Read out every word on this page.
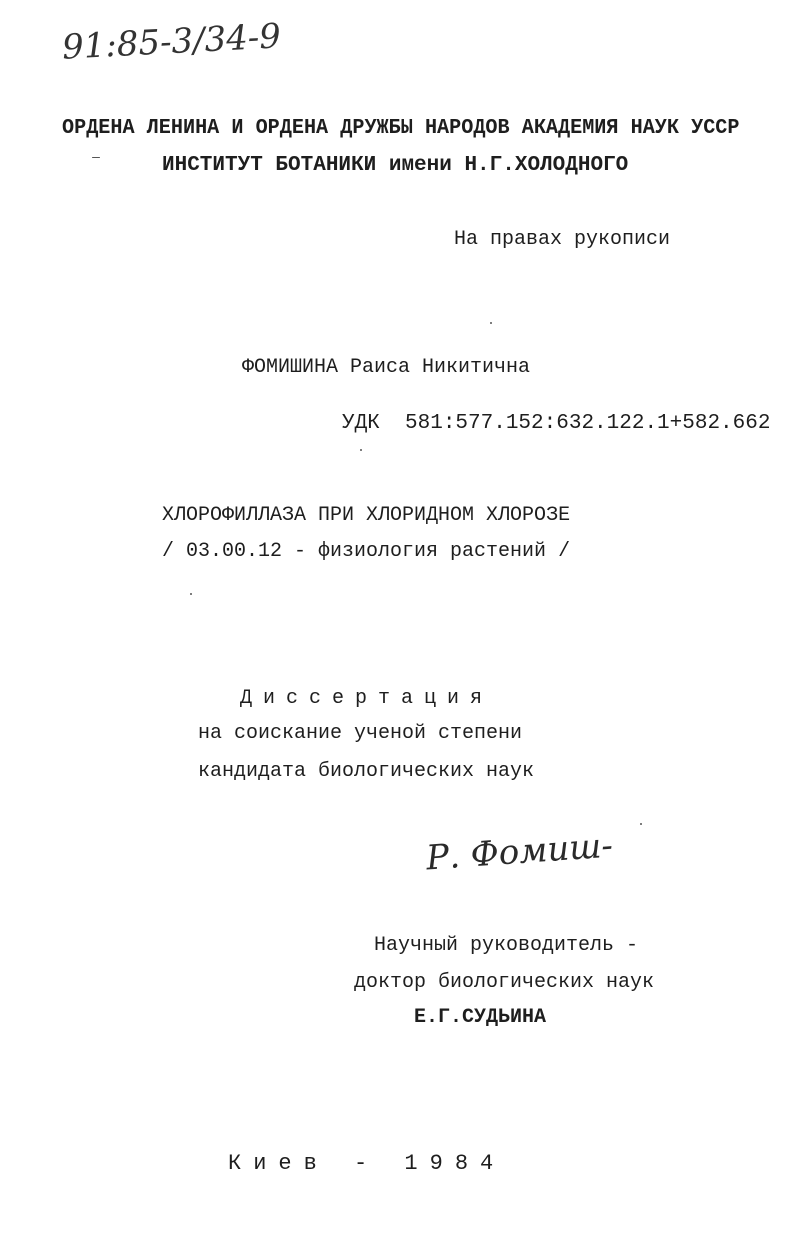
91:85-3/34-9
ОРДЕНА ЛЕНИНА И ОРДЕНА ДРУЖБЫ НАРОДОВ АКАДЕМИЯ НАУК УССР
ИНСТИТУТ БОТАНИКИ имени Н.Г.ХОЛОДНОГО
На правах рукописи
ФОМИШИНА Раиса Никитична
УДК  581:577.152:632.122.1+582.662
ХЛОРОФИЛЛАЗА ПРИ ХЛОРИДНОМ ХЛОРОЗЕ
/ 03.00.12 - физиология растений /
Диссертация
на соискание ученой степени
кандидата биологических наук
Р. Фомиш-
Научный руководитель -
доктор биологических наук
Е.Г.СУДЬИНА
Киев - 1984
